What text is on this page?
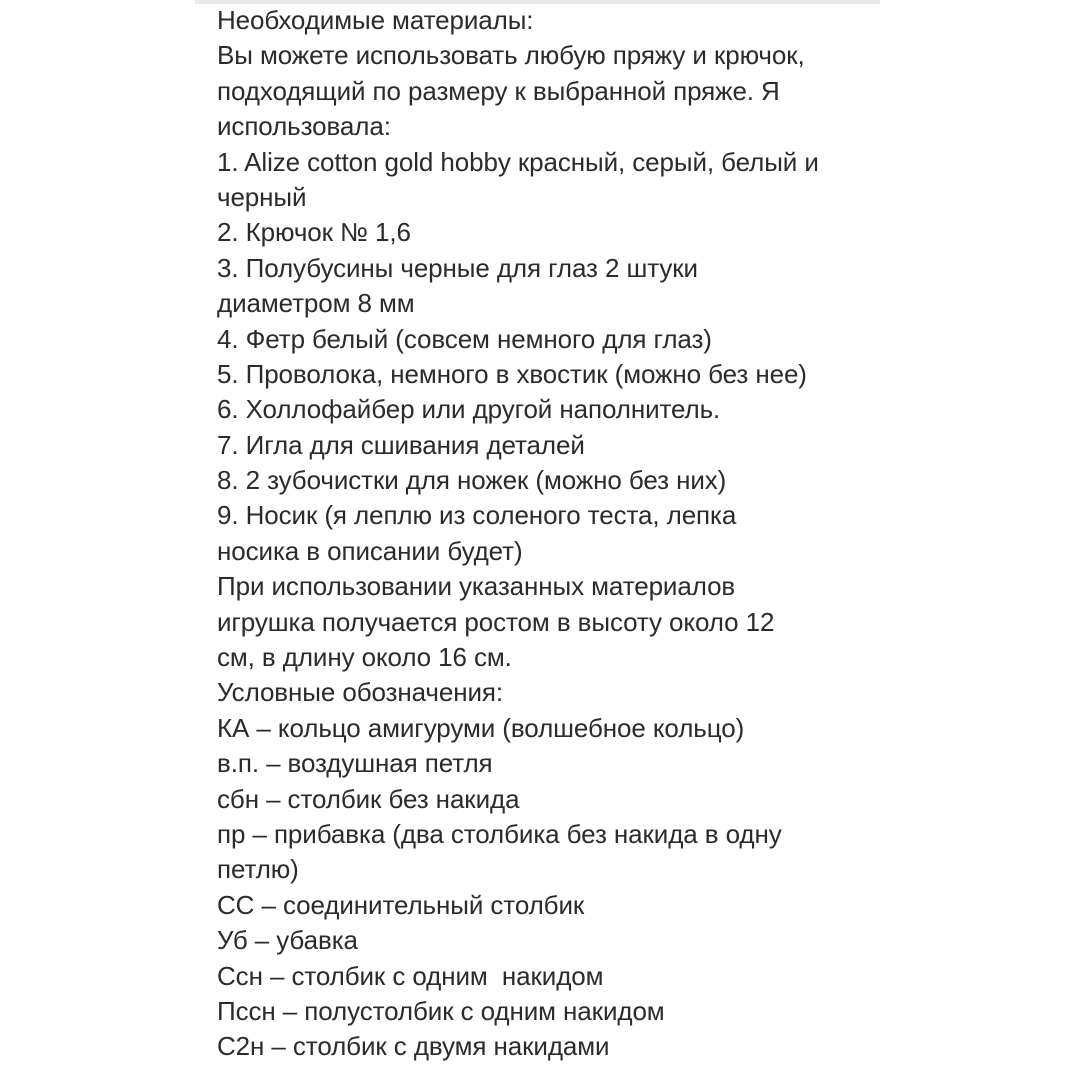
Необходимые материалы:
Вы можете использовать любую пряжу и крючок,
подходящий по размеру к выбранной пряже. Я
использовала:
1. Alize cotton gold hobby красный, серый, белый и
черный
2. Крючок № 1,6
3. Полубусины черные для глаз 2 штуки
диаметром 8 мм
4. Фетр белый (совсем немного для глаз)
5. Проволока, немного в хвостик (можно без нее)
6. Холлофайбер или другой наполнитель.
7. Игла для сшивания деталей
8. 2 зубочистки для ножек (можно без них)
9. Носик (я леплю из соленого теста, лепка
носика в описании будет)
При использовании указанных материалов
игрушка получается ростом в высоту около 12
см, в длину около 16 см.
Условные обозначения:
КА – кольцо амигуруми (волшебное кольцо)
в.п. – воздушная петля
сбн – столбик без накида
пр – прибавка (два столбика без накида в одну
петлю)
СС – соединительный столбик
Уб – убавка
Ссн – столбик с одним  накидом
Пссн – полустолбик с одним накидом
С2н – столбик с двумя накидами
